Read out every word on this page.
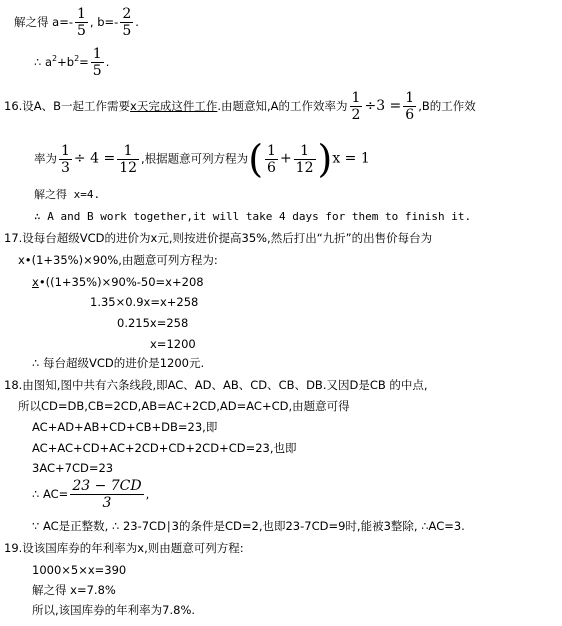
解之得 $a=- \frac{1}{5}$ , $b=- \frac{2}{5}$ .
∴ $a^2+b^2= \frac{1}{5}$ .
16.设A、B一起工作需要x天完成这件工作.由题意知,A的工作效率为 $\frac{1}{2} \div 3 = \frac{1}{6} ,B$的工作效
率为 $\frac{1}{3} \div 4 = \frac{1}{12}$ ,根据题意可列方程为( $\frac{1}{6} + \frac{1}{12} )x = 1$
解之得 x=4.
∴ A and B work together,it will take 4 days for them to finish it.
17.设每台超级VCD的进价为x元,则按进价提高35%,然后打出“九折”的出售价每台为
x•(1+35%)×90%,由题意可列方程为:
x•((1+35%)×90%-50=x+208
1.35×0.9x=x+258
0.215x=258
x=1200
∴ 每台超级VCD的进价是1200元.
18.由图知,图中共有六条线段,即AC、AD、AB、CD、CB、DB.又因D是CB 的中点,
所以CD=DB,CB=2CD,AB=AC+2CD,AD=AC+CD,由题意可得
AC+AD+AB+CD+CB+DB=23,即
AC+AC+CD+AC+2CD+CD+2CD+CD=23,也即
3AC+7CD=23
∴ $AC= \frac{23 - 7CD}{3}$ ,
∵ AC是正整数, ∴ 23-7CD∣3的条件是CD=2,也即23-7CD=9时,能被3整除, ∴AC=3.
19.设该国库券的年利率为x,则由题意可列方程:
1000×5×x=390
解之得 x=7.8%
所以,该国库券的年利率为7.8%.
